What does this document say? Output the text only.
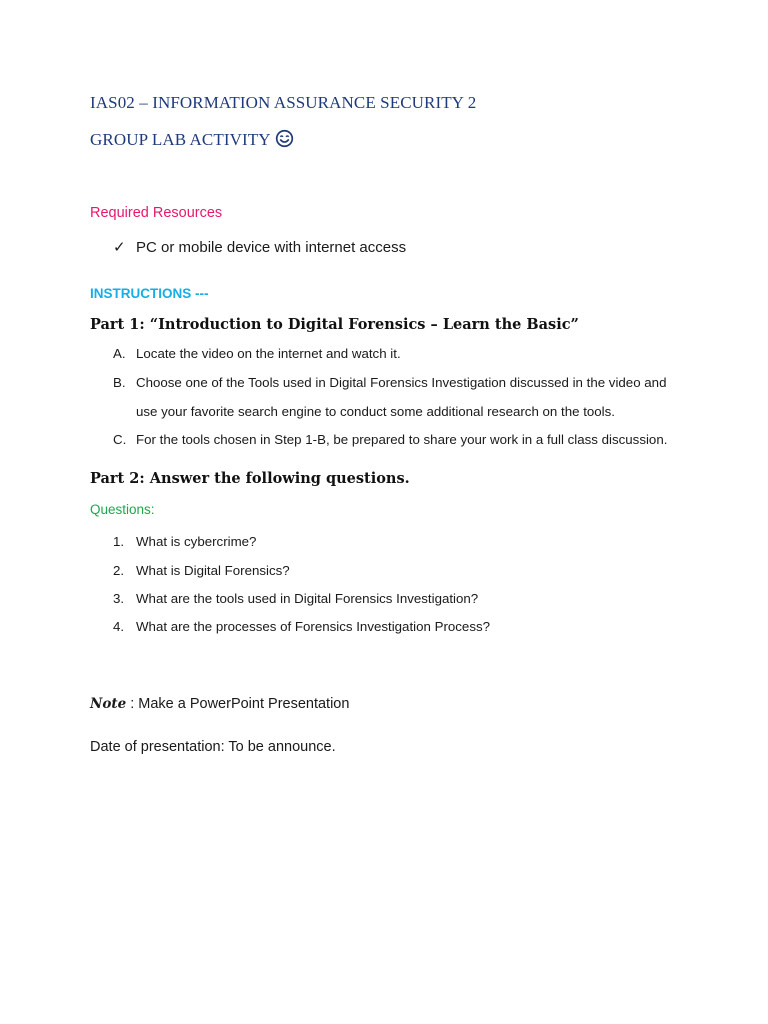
IAS02 – INFORMATION ASSURANCE SECURITY 2
GROUP LAB ACTIVITY
Required Resources
✓ PC or mobile device with internet access
INSTRUCTIONS ---
Part 1: “Introduction to Digital Forensics – Learn the Basic”
A. Locate the video on the internet and watch it.
B. Choose one of the Tools used in Digital Forensics Investigation discussed in the video and
use your favorite search engine to conduct some additional research on the tools.
C. For the tools chosen in Step 1-B, be prepared to share your work in a full class discussion.
Part 2: Answer the following questions.
Questions:
1. What is cybercrime?
2. What is Digital Forensics?
3. What are the tools used in Digital Forensics Investigation?
4. What are the processes of Forensics Investigation Process?
Note : Make a PowerPoint Presentation
Date of presentation: To be announce.
